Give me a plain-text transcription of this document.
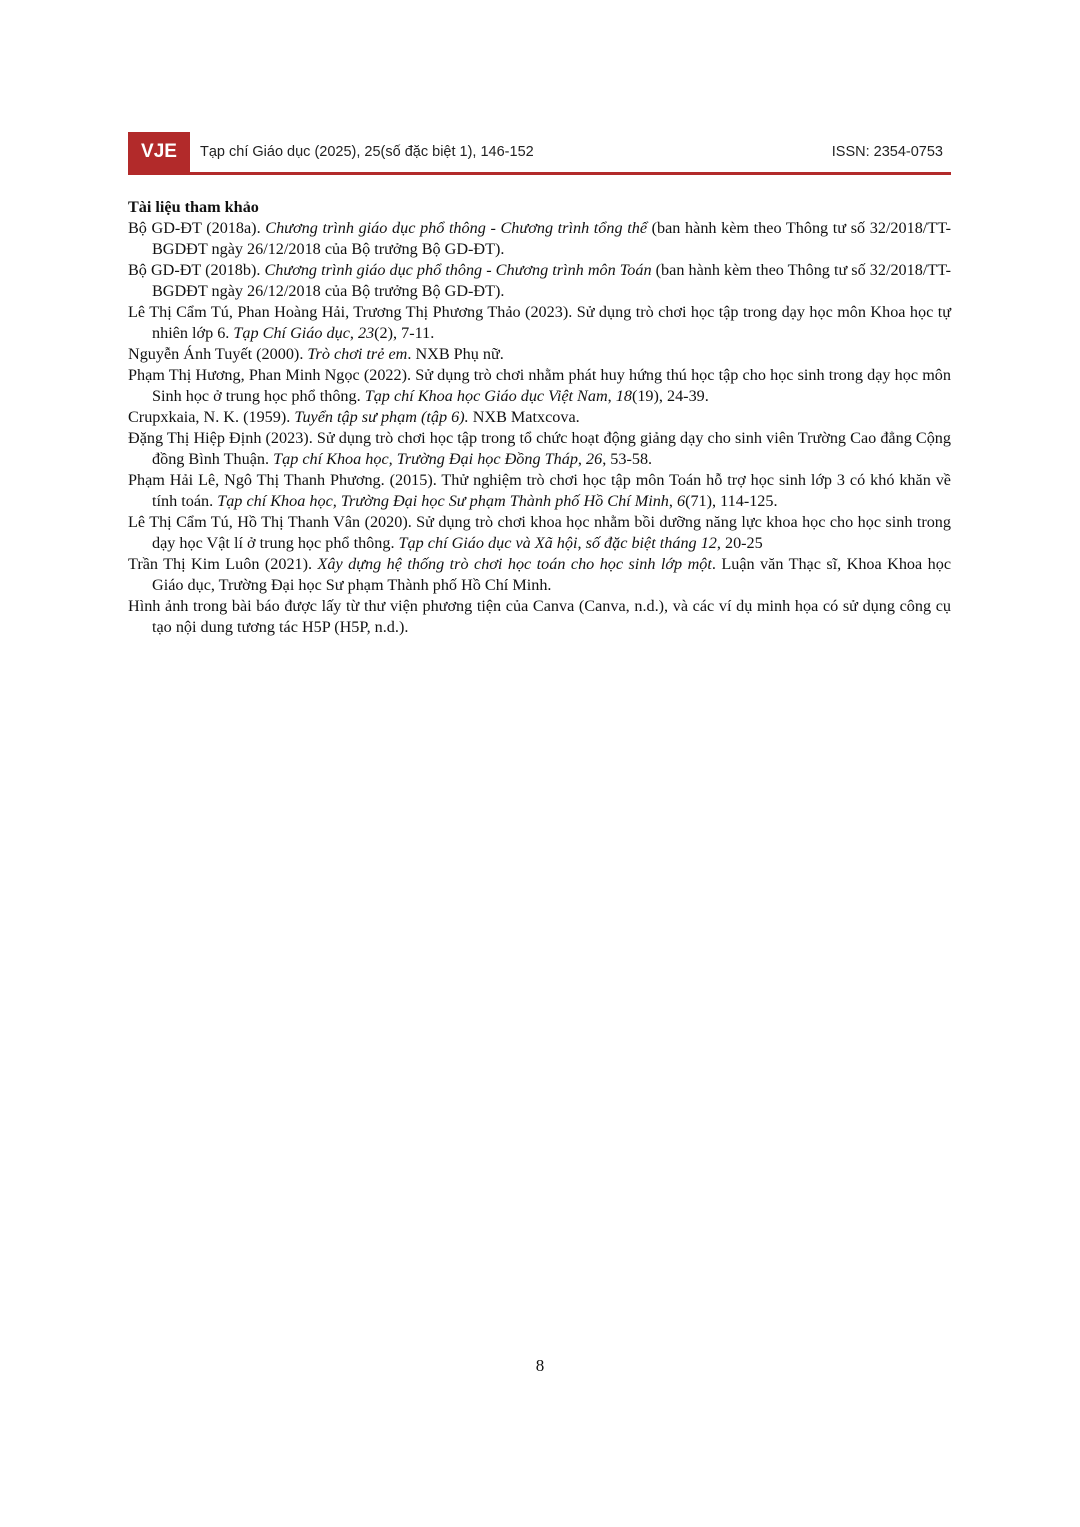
VJE	Tạp chí Giáo dục (2025), 25(số đặc biệt 1), 146-152	ISSN: 2354-0753

Tài liệu tham khảo

Bộ GD-ĐT (2018a). Chương trình giáo dục phổ thông - Chương trình tổng thể (ban hành kèm theo Thông tư số 32/2018/TT-BGDĐT ngày 26/12/2018 của Bộ trưởng Bộ GD-ĐT).

Bộ GD-ĐT (2018b). Chương trình giáo dục phổ thông - Chương trình môn Toán (ban hành kèm theo Thông tư số 32/2018/TT-BGDĐT ngày 26/12/2018 của Bộ trưởng Bộ GD-ĐT).

Lê Thị Cẩm Tú, Phan Hoàng Hải, Trương Thị Phương Thảo (2023). Sử dụng trò chơi học tập trong dạy học môn Khoa học tự nhiên lớp 6. Tạp Chí Giáo dục, 23(2), 7-11.

Nguyễn Ánh Tuyết (2000). Trò chơi trẻ em. NXB Phụ nữ.

Phạm Thị Hương, Phan Minh Ngọc (2022). Sử dụng trò chơi nhằm phát huy hứng thú học tập cho học sinh trong dạy học môn Sinh học ở trung học phổ thông. Tạp chí Khoa học Giáo dục Việt Nam, 18(19), 24-39.

Crupxkaia, N. K. (1959). Tuyển tập sư phạm (tập 6). NXB Matxcova.

Đặng Thị Hiệp Định (2023). Sử dụng trò chơi học tập trong tổ chức hoạt động giảng dạy cho sinh viên Trường Cao đẳng Cộng đồng Bình Thuận. Tạp chí Khoa học, Trường Đại học Đồng Tháp, 26, 53-58.

Phạm Hải Lê, Ngô Thị Thanh Phương. (2015). Thử nghiệm trò chơi học tập môn Toán hỗ trợ học sinh lớp 3 có khó khăn về tính toán. Tạp chí Khoa học, Trường Đại học Sư phạm Thành phố Hồ Chí Minh, 6(71), 114-125.

Lê Thị Cẩm Tú, Hồ Thị Thanh Vân (2020). Sử dụng trò chơi khoa học nhằm bồi dưỡng năng lực khoa học cho học sinh trong dạy học Vật lí ở trung học phổ thông. Tạp chí Giáo dục và Xã hội, số đặc biệt tháng 12, 20-25

Trần Thị Kim Luôn (2021). Xây dựng hệ thống trò chơi học toán cho học sinh lớp một. Luận văn Thạc sĩ, Khoa Khoa học Giáo dục, Trường Đại học Sư phạm Thành phố Hồ Chí Minh.

Hình ảnh trong bài báo được lấy từ thư viện phương tiện của Canva (Canva, n.d.), và các ví dụ minh họa có sử dụng công cụ tạo nội dung tương tác H5P (H5P, n.d.).

8
